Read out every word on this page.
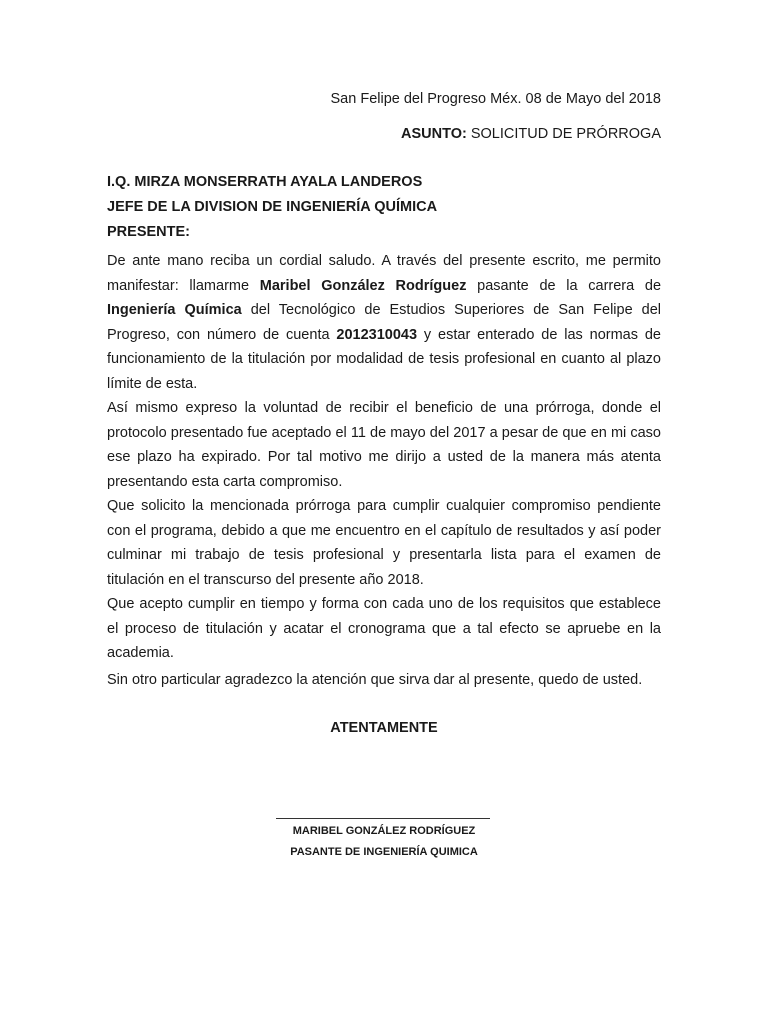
San Felipe del Progreso Méx. 08 de Mayo del 2018
ASUNTO: SOLICITUD DE PRÓRROGA
I.Q. MIRZA MONSERRATH AYALA LANDEROS
JEFE DE LA DIVISION DE INGENIERÍA QUÍMICA
PRESENTE:

De ante mano reciba un cordial saludo. A través del presente escrito, me permito manifestar: llamarme Maribel González Rodríguez pasante de la carrera de Ingeniería Química del Tecnológico de Estudios Superiores de San Felipe del Progreso, con número de cuenta 2012310043 y estar enterado de las normas de funcionamiento de la titulación por modalidad de tesis profesional en cuanto al plazo límite de esta.

Así mismo expreso la voluntad de recibir el beneficio de una prórroga, donde el protocolo presentado fue aceptado el 11 de mayo del 2017 a pesar de que en mi caso ese plazo ha expirado. Por tal motivo me dirijo a usted de la manera más atenta presentando esta carta compromiso.

Que solicito la mencionada prórroga para cumplir cualquier compromiso pendiente con el programa, debido a que me encuentro en el capítulo de resultados y así poder culminar mi trabajo de tesis profesional y presentarla lista para el examen de titulación en el transcurso del presente año 2018.

Que acepto cumplir en tiempo y forma con cada uno de los requisitos que establece el proceso de titulación y acatar el cronograma que a tal efecto se apruebe en la academia.

Sin otro particular agradezco la atención que sirva dar al presente, quedo de usted.
ATENTAMENTE
MARIBEL GONZÁLEZ RODRÍGUEZ
PASANTE DE INGENIERÍA QUIMICA
